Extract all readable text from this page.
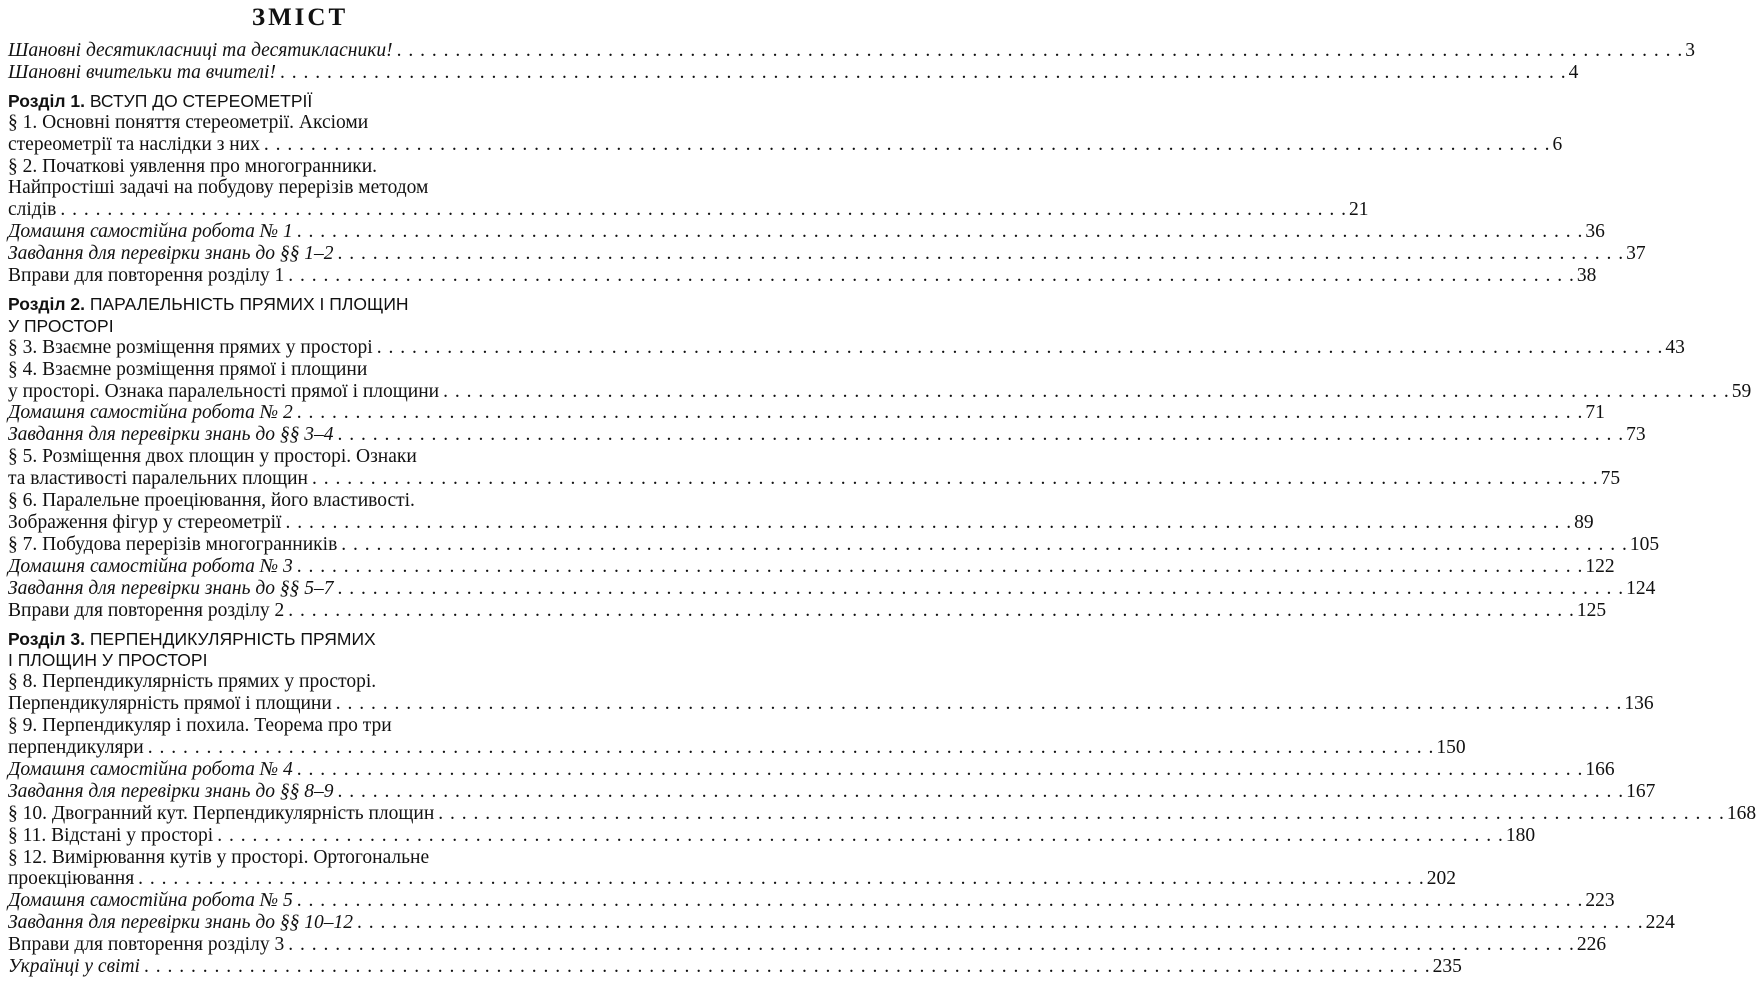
ЗМІСТ
Шановні десятикласниці та десятикласники! . . .	3
Шановні вчительки та вчителі! . . .	4
Розділ 1. ВСТУП ДО СТЕРЕОМЕТРІЇ
§ 1. Основні поняття стереометрії. Аксіоми
стереометрії та наслідки з них . . .	6
§ 2. Початкові уявлення про многогранники.
Найпростіші задачі на побудову перерізів методом
слідів . . .	21
Домашня самостійна робота № 1 . . .	36
Завдання для перевірки знань до §§ 1–2 . . .	37
Вправи для повторення розділу 1 . . .	38
Розділ 2. ПАРАЛЕЛЬНІСТЬ ПРЯМИХ І ПЛОЩИН
У ПРОСТОРІ
§ 3. Взаємне розміщення прямих у просторі . . .	43
§ 4. Взаємне розміщення прямої і площини
у просторі. Ознака паралельності прямої і площини . . .	59
Домашня самостійна робота № 2 . . .	71
Завдання для перевірки знань до §§ 3–4 . . .	73
§ 5. Розміщення двох площин у просторі. Ознаки
та властивості паралельних площин . . .	75
§ 6. Паралельне проеціювання, його властивості.
Зображення фігур у стереометрії . . .	89
§ 7. Побудова перерізів многогранників . . .	105
Домашня самостійна робота № 3 . . .	122
Завдання для перевірки знань до §§ 5–7 . . .	124
Вправи для повторення розділу 2 . . .	125
Розділ 3. ПЕРПЕНДИКУЛЯРНІСТЬ ПРЯМИХ
І ПЛОЩИН У ПРОСТОРІ
§ 8. Перпендикулярність прямих у просторі.
Перпендикулярність прямої і площини . . .	136
§ 9. Перпендикуляр і похила. Теорема про три
перпендикуляри . . .	150
Домашня самостійна робота № 4 . . .	166
Завдання для перевірки знань до §§ 8–9 . . .	167
§ 10. Двогранний кут. Перпендикулярність площин . . .	168
§ 11. Відстані у просторі . . .	180
§ 12. Вимірювання кутів у просторі. Ортогональне
проекціювання . . .	202
Домашня самостійна робота № 5 . . .	223
Завдання для перевірки знань до §§ 10–12 . . .	224
Вправи для повторення розділу 3 . . .	226
Українці у світі . . .	235
